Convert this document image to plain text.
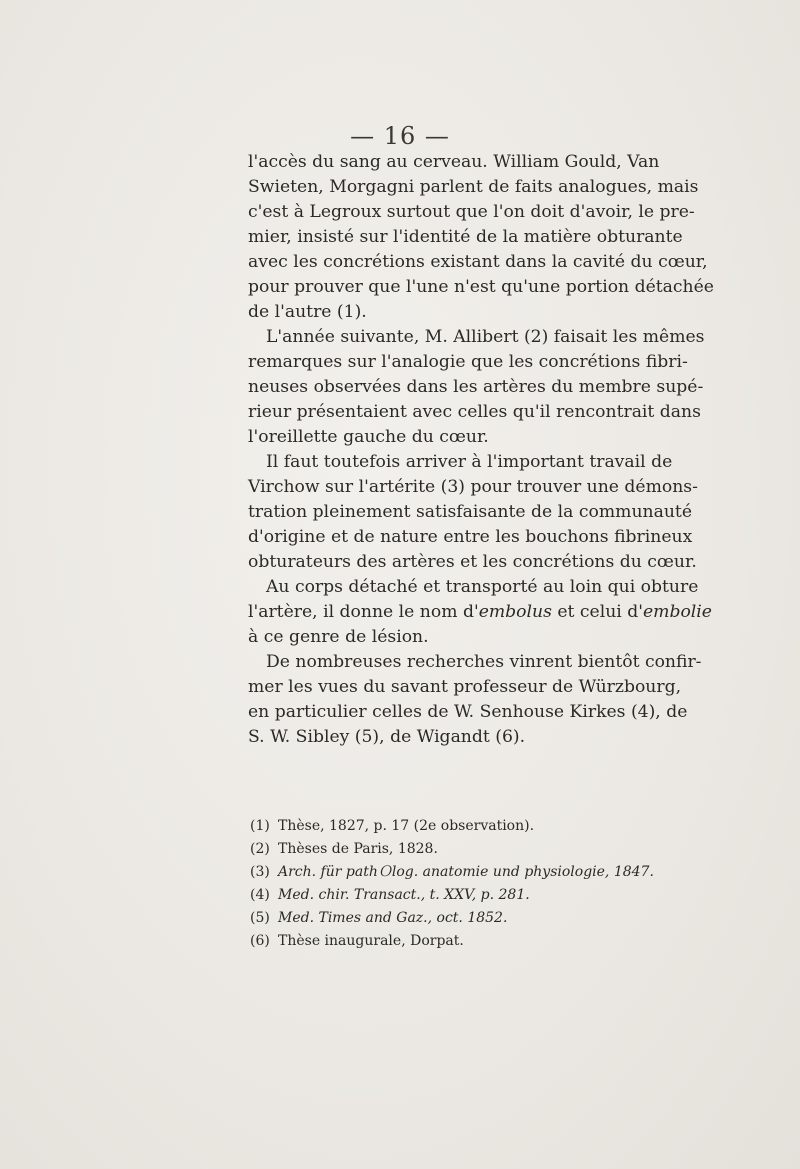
— 16 —
l'accès du sang au cerveau. William Gould, Van
Swieten, Morgagni parlent de faits analogues, mais
c'est à Legroux surtout que l'on doit d'avoir, le pre-
mier, insisté sur l'identité de la matière obturante
avec les concrétions existant dans la cavité du cœur,
pour prouver que l'une n'est qu'une portion détachée
de l'autre (1).
L'année suivante, M. Allibert (2) faisait les mêmes
remarques sur l'analogie que les concrétions fibri-
neuses observées dans les artères du membre supé-
rieur présentaient avec celles qu'il rencontrait dans
l'oreillette gauche du cœur.
Il faut toutefois arriver à l'important travail de
Virchow sur l'artérite (3) pour trouver une démons-
tration pleinement satisfaisante de la communauté
d'origine et de nature entre les bouchons fibrineux
obturateurs des artères et les concrétions du cœur.
Au corps détaché et transporté au loin qui obture
l'artère, il donne le nom d'embolus et celui d'embolie
à ce genre de lésion.
De nombreuses recherches vinrent bientôt confir-
mer les vues du savant professeur de Würzbourg,
en particulier celles de W. Senhouse Kirkes (4), de
S. W. Sibley (5), de Wigandt (6).
(1) Thèse, 1827, p. 17 (2e observation).
(2) Thèses de Paris, 1828.
(3) Arch. für pathＯlog. anatomie und physiologie, 1847.
(4) Med. chir. Transact., t. XXV, p. 281.
(5) Med. Times and Gaz., oct. 1852.
(6) Thèse inaugurale, Dorpat.
